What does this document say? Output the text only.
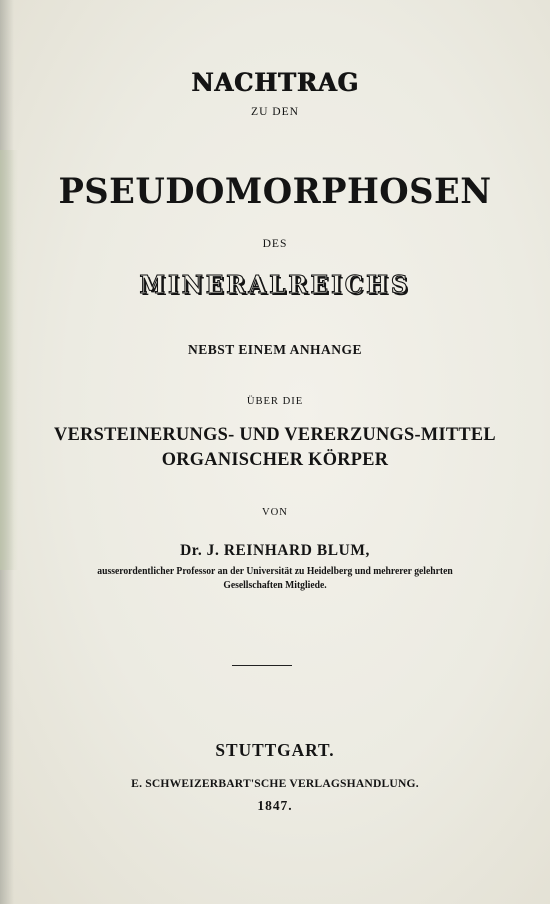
NACHTRAG
ZU DEN
PSEUDOMORPHOSEN
DES
MINERALREICHS
NEBST EINEM ANHANGE
ÜBER DIE
VERSTEINERUNGS- UND VERERZUNGS-MITTEL
ORGANISCHER KÖRPER
VON
Dr. J. REINHARD BLUM,
ausserordentlicher Professor an der Universität zu Heidelberg und mehrerer gelehrten
Gesellschaften Mitgliede.
STUTTGART.
E. SCHWEIZERBART'SCHE VERLAGSHANDLUNG.
1847.
